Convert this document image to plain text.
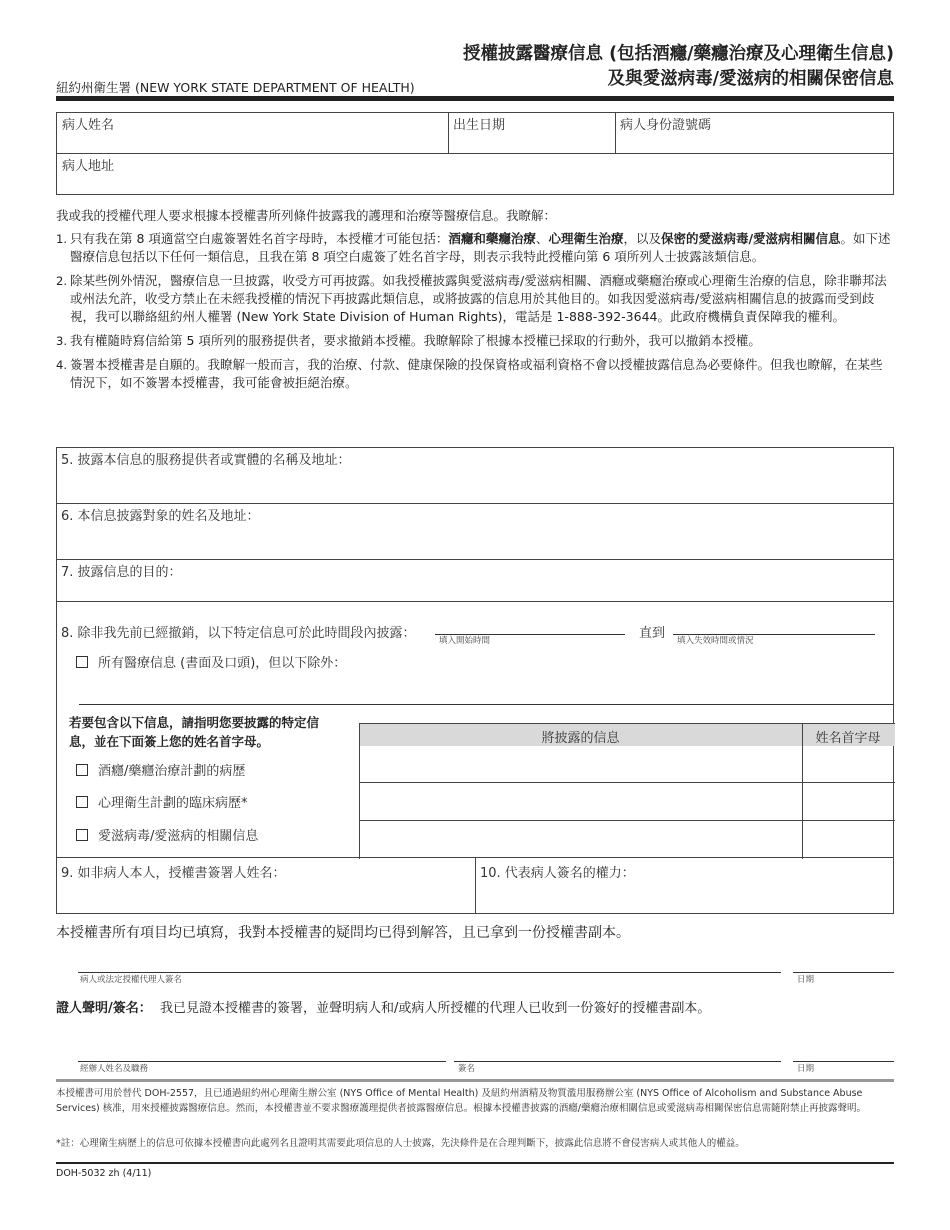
紐約州衛生署 (NEW YORK STATE DEPARTMENT OF HEALTH)
授權披露醫療信息 (包括酒癮/藥癮治療及心理衛生信息)
及與愛滋病毒/愛滋病的相關保密信息
病人姓名	出生日期	病人身份證號碼
病人地址
我或我的授權代理人要求根據本授權書所列條件披露我的護理和治療等醫療信息。我瞭解：
1. 只有我在第 8 項適當空白處簽署姓名首字母時，本授權才可能包括：酒癮和藥癮治療、心理衛生治療，以及保密的愛滋病毒/愛滋病相關信息。如下述醫療信息包括以下任何一類信息，且我在第 8 項空白處簽了姓名首字母，則表示我特此授權向第 6 項所列人士披露該類信息。
2. 除某些例外情況，醫療信息一旦披露，收受方可再披露。如我授權披露與愛滋病毒/愛滋病相關、酒癮或藥癮治療或心理衛生治療的信息，除非聯邦法或州法允許，收受方禁止在未經我授權的情況下再披露此類信息，或將披露的信息用於其他目的。如我因愛滋病毒/愛滋病相關信息的披露而受到歧視，我可以聯絡紐約州人權署 (New York State Division of Human Rights)，電話是 1-888-392-3644。此政府機構負責保障我的權利。
3. 我有權隨時寫信給第 5 項所列的服務提供者，要求撤銷本授權。我瞭解除了根據本授權已採取的行動外，我可以撤銷本授權。
4. 簽署本授權書是自願的。我瞭解一般而言，我的治療、付款、健康保險的投保資格或福利資格不會以授權披露信息為必要條件。但我也瞭解，在某些情況下，如不簽署本授權書，我可能會被拒絕治療。
5. 披露本信息的服務提供者或實體的名稱及地址：
6. 本信息披露對象的姓名及地址：
7. 披露信息的目的：
8. 除非我先前已經撤銷，以下特定信息可於此時間段內披露：	填入開始時間	直到 填入失效時間或情況
所有醫療信息 (書面及口頭)，但以下除外：
若要包含以下信息，請指明您要披露的特定信息，並在下面簽上您的姓名首字母。	將披露的信息	姓名首字母
酒癮/藥癮治療計劃的病歷
心理衛生計劃的臨床病歷*
愛滋病毒/愛滋病的相關信息
9. 如非病人本人，授權書簽署人姓名：	10. 代表病人簽名的權力：
本授權書所有項目均已填寫，我對本授權書的疑問均已得到解答，且已拿到一份授權書副本。
病人或法定授權代理人簽名	日期
證人聲明/簽名： 我已見證本授權書的簽署，並聲明病人和/或病人所授權的代理人已收到一份簽好的授權書副本。
經辦人姓名及職務	簽名	日期
本授權書可用於替代 DOH-2557，且已通過紐約州心理衛生辦公室 (NYS Office of Mental Health) 及紐約州酒精及物質濫用服務辦公室 (NYS Office of Alcoholism and Substance Abuse Services) 核准，用來授權披露醫療信息。然而，本授權書並不要求醫療護理提供者披露醫療信息。根據本授權書披露的酒癮/藥癮治療相關信息或愛滋病毒相關保密信息需隨附禁止再披露聲明。
*註：心理衛生病歷上的信息可依據本授權書向此處列名且證明其需要此項信息的人士披露，先決條件是在合理判斷下，披露此信息將不會侵害病人或其他人的權益。
DOH-5032 zh (4/11)
